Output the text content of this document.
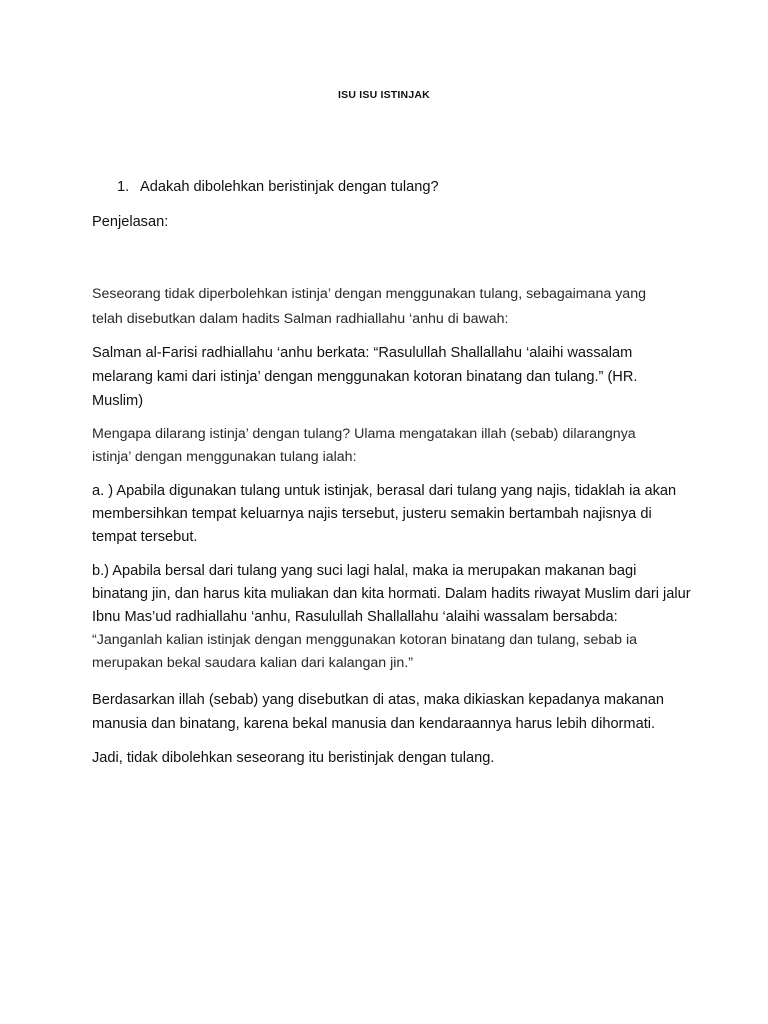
ISU ISU ISTINJAK
1. Adakah dibolehkan beristinjak dengan tulang?
Penjelasan:
Seseorang tidak diperbolehkan istinja’ dengan menggunakan tulang, sebagaimana yang
telah disebutkan dalam hadits Salman radhiallahu ‘anhu di bawah:
Salman al-Farisi radhiallahu ‘anhu berkata: “Rasulullah Shallallahu ‘alaihi wassalam
melarang kami dari istinja’ dengan menggunakan kotoran binatang dan tulang.” (HR.
Muslim)
Mengapa dilarang istinja’ dengan tulang? Ulama mengatakan illah (sebab) dilarangnya
istinja’ dengan menggunakan tulang ialah:
a. ) Apabila digunakan tulang untuk istinjak, berasal dari tulang yang najis, tidaklah ia akan
membersihkan tempat keluarnya najis tersebut, justeru semakin bertambah najisnya di
tempat tersebut.
b.) Apabila bersal dari tulang yang suci lagi halal, maka ia merupakan makanan bagi
binatang jin, dan harus kita muliakan dan kita hormati. Dalam hadits riwayat Muslim dari jalur
Ibnu Mas’ud radhiallahu ‘anhu, Rasulullah Shallallahu ‘alaihi wassalam bersabda:
“Janganlah kalian istinjak dengan menggunakan kotoran binatang dan tulang, sebab ia
merupakan bekal saudara kalian dari kalangan jin.”
Berdasarkan illah (sebab) yang disebutkan di atas, maka dikiaskan kepadanya makanan
manusia dan binatang, karena bekal manusia dan kendaraannya harus lebih dihormati.
Jadi, tidak dibolehkan seseorang itu beristinjak dengan tulang.
